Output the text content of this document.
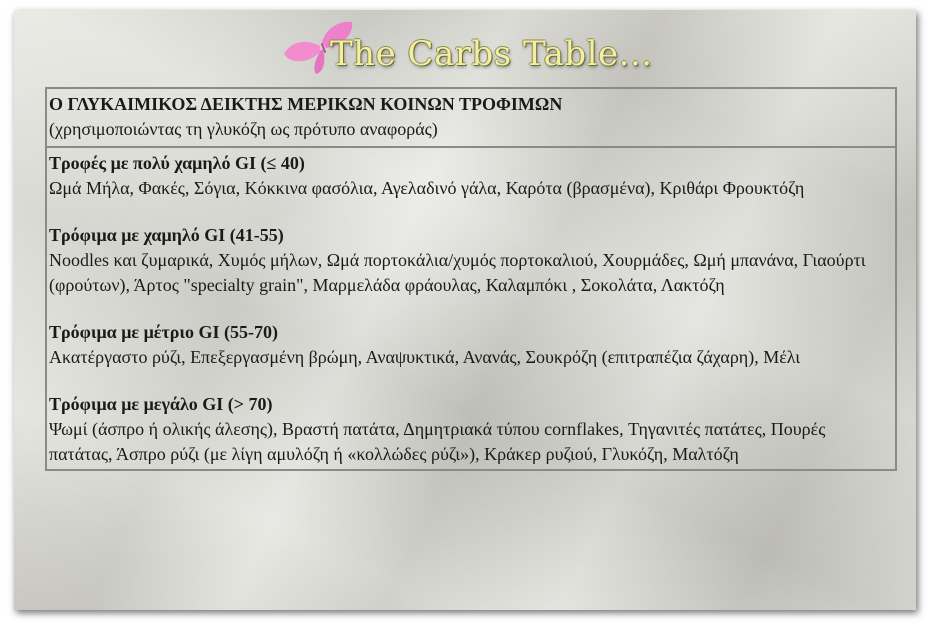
The Carbs Table...
Ο ΓΛΥΚΑΙΜΙΚΟΣ ΔΕΙΚΤΗΣ ΜΕΡΙΚΩΝ ΚΟΙΝΩΝ ΤΡΟΦΙΜΩΝ
(χρησιμοποιώντας τη γλυκόζη ως πρότυπο αναφοράς)
Τροφές με πολύ χαμηλό GI (≤ 40)
Ωμά Μήλα, Φακές, Σόγια, Κόκκινα φασόλια, Αγελαδινό γάλα, Καρότα (βρασμένα), Κριθάρι Φρουκτόζη
Τρόφιμα με χαμηλό GI (41-55)
Noodles και ζυμαρικά, Χυμός μήλων, Ωμά πορτοκάλια/χυμός πορτοκαλιού, Χουρμάδες, Ωμή μπανάνα, Γιαούρτι (φρούτων), Άρτος "specialty grain", Μαρμελάδα φράουλας, Καλαμπόκι , Σοκολάτα, Λακτόζη
Τρόφιμα με μέτριο GI (55-70)
Ακατέργαστο ρύζι, Επεξεργασμένη βρώμη, Αναψυκτικά, Ανανάς, Σουκρόζη (επιτραπέζια ζάχαρη), Μέλι
Τρόφιμα με μεγάλο GI (> 70)
Ψωμί (άσπρο ή ολικής άλεσης), Βραστή πατάτα, Δημητριακά τύπου cornflakes, Τηγανιτές πατάτες, Πουρές πατάτας, Άσπρο ρύζι (με λίγη αμυλόζη ή «κολλώδες ρύζι»), Κράκερ ρυζιού, Γλυκόζη, Μαλτόζη
